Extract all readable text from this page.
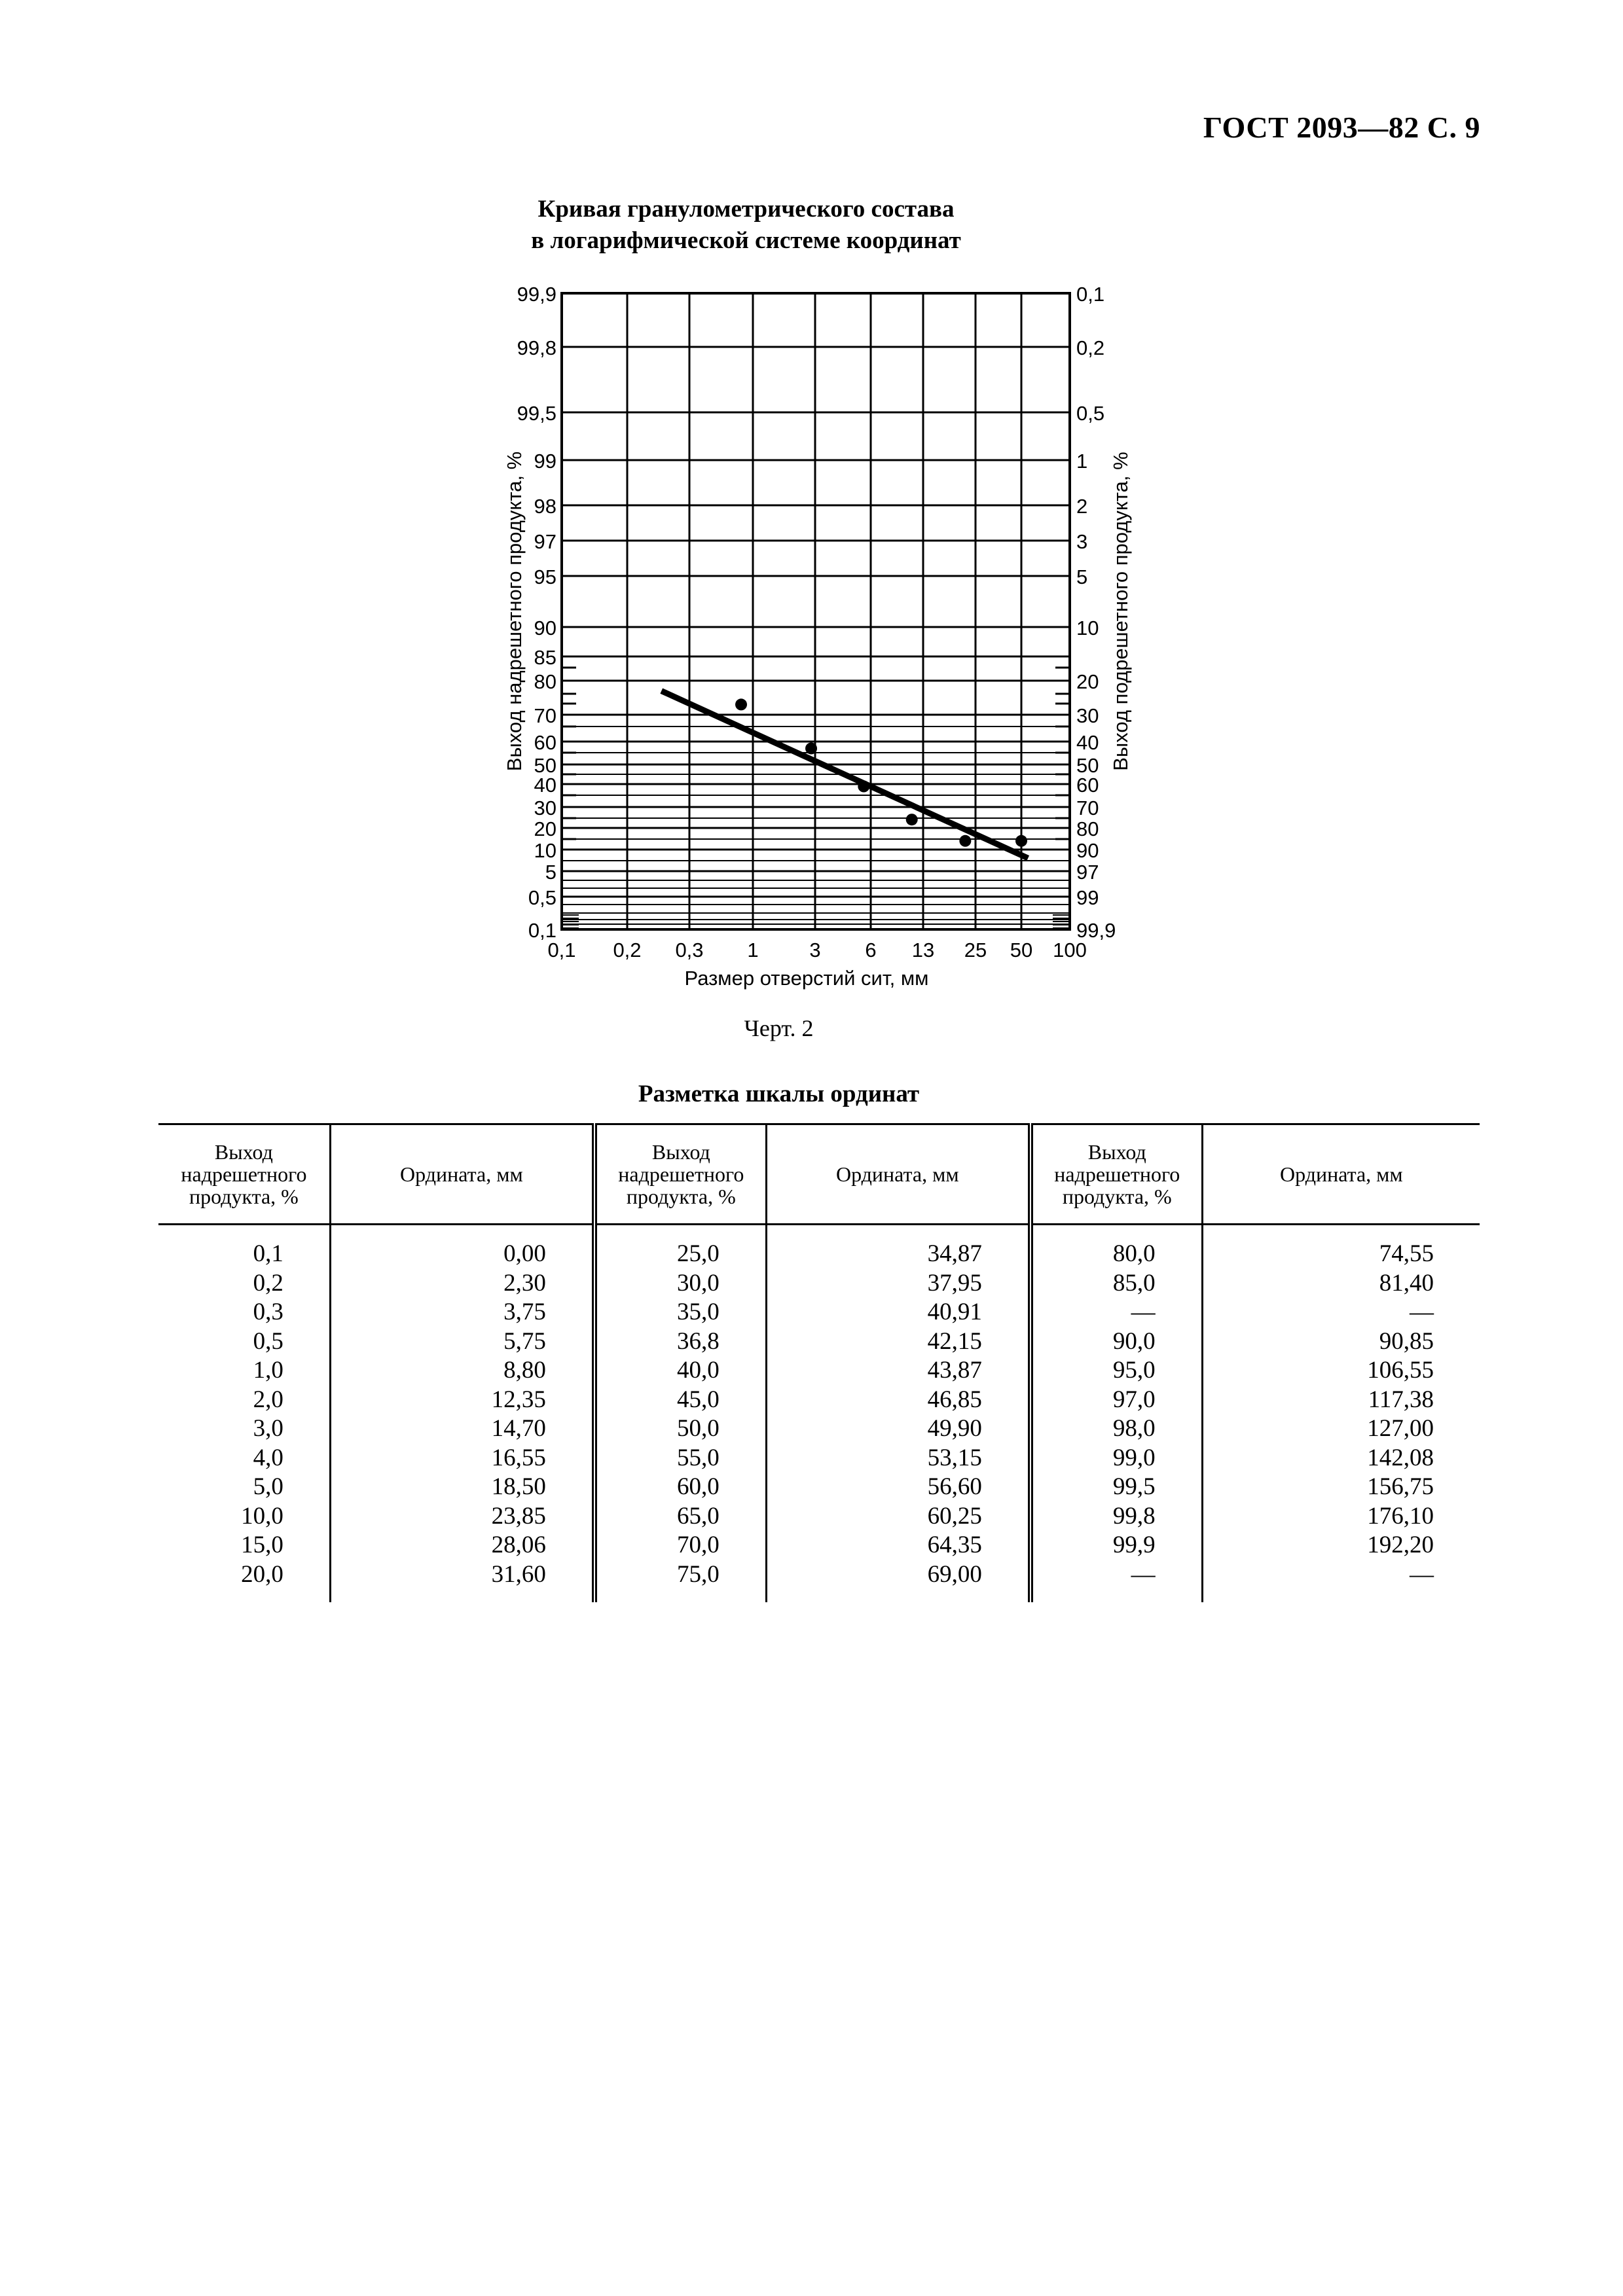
ГОСТ 2093—82 С. 9
Кривая гранулометрического состава
в логарифмической системе координат
99,9
99,8
99,5
99
98
97
95
90
85
80
70
60
50
40
30
20
10
5
0,5
0,1
0,1
0,2
0,5
1
2
3
5
10
20
30
40
50
60
70
80
90
97
99
99,9
0,1 0,2 0,3 1	3 6 13 25 50 100
Размер отверстий сит, мм
Выход надрешетного продукта, %	Выход подрешетного продукта, %
Черт. 2
Разметка шкалы ординат
Выход надрешетного продукта, %	Ордината, мм	Выход надрешетного продукта, %	Ордината, мм	Выход надрешетного продукта, %	Ордината, мм
0,1	0,00	25,0	34,87	80,0	74,55
0,2	2,30	30,0	37,95	85,0	81,40
0,3	3,75	35,0	40,91	—	—
0,5	5,75	36,8	42,15	90,0	90,85
1,0	8,80	40,0	43,87	95,0	106,55
2,0	12,35	45,0	46,85	97,0	117,38
3,0	14,70	50,0	49,90	98,0	127,00
4,0	16,55	55,0	53,15	99,0	142,08
5,0	18,50	60,0	56,60	99,5	156,75
10,0	23,85	65,0	60,25	99,8	176,10
15,0	28,06	70,0	64,35	99,9	192,20
20,0	31,60	75,0	69,00	—	—
